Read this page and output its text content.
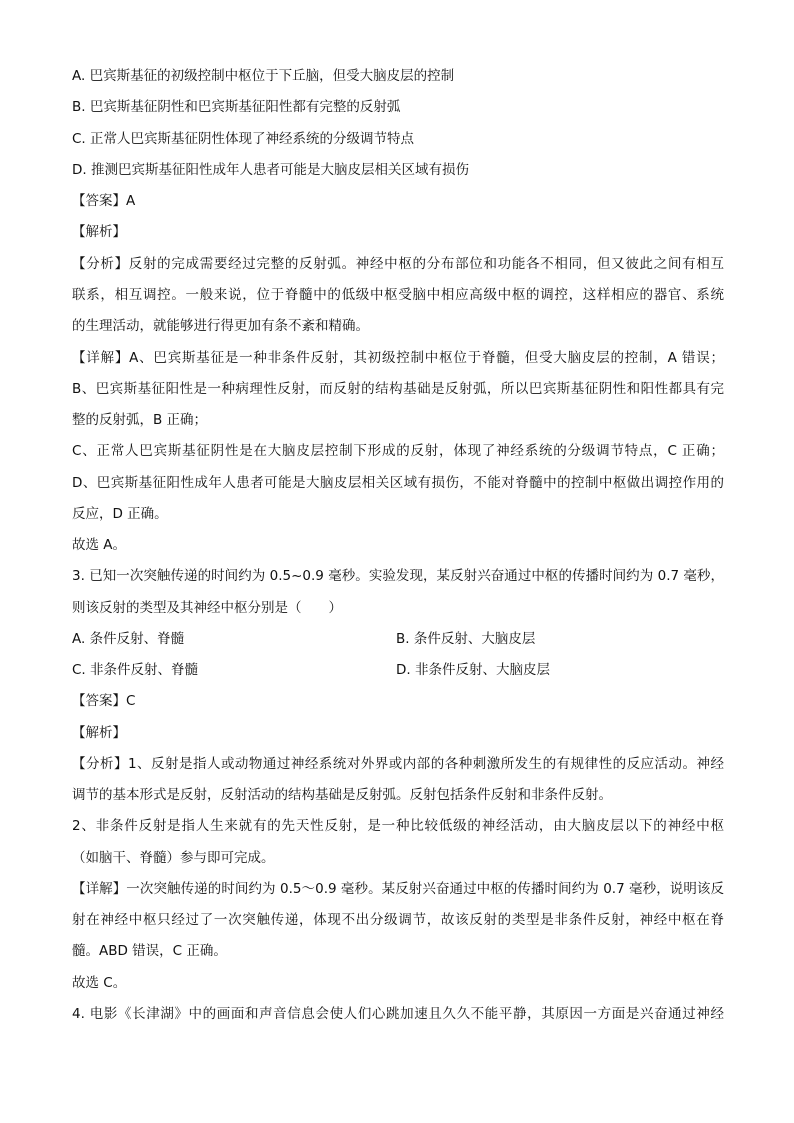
A. 巴宾斯基征的初级控制中枢位于下丘脑，但受大脑皮层的控制
B. 巴宾斯基征阴性和巴宾斯基征阳性都有完整的反射弧
C. 正常人巴宾斯基征阴性体现了神经系统的分级调节特点
D. 推测巴宾斯基征阳性成年人患者可能是大脑皮层相关区域有损伤
【答案】A
【解析】
【分析】反射的完成需要经过完整的反射弧。神经中枢的分布部位和功能各不相同，但又彼此之间有相互
联系，相互调控。一般来说，位于脊髓中的低级中枢受脑中相应高级中枢的调控，这样相应的器官、系统
的生理活动，就能够进行得更加有条不紊和精确。
【详解】A、巴宾斯基征是一种非条件反射，其初级控制中枢位于脊髓，但受大脑皮层的控制，A 错误；
B、巴宾斯基征阳性是一种病理性反射，而反射的结构基础是反射弧，所以巴宾斯基征阴性和阳性都具有完
整的反射弧，B 正确；
C、正常人巴宾斯基征阴性是在大脑皮层控制下形成的反射，体现了神经系统的分级调节特点，C 正确；
D、巴宾斯基征阳性成年人患者可能是大脑皮层相关区域有损伤，不能对脊髓中的控制中枢做出调控作用的
反应，D 正确。
故选 A。
3. 已知一次突触传递的时间约为 0.5~0.9 毫秒。实验发现，某反射兴奋通过中枢的传播时间约为 0.7 毫秒，
则该反射的类型及其神经中枢分别是（　　）
A. 条件反射、脊髓	B. 条件反射、大脑皮层
C. 非条件反射、脊髓	D. 非条件反射、大脑皮层
【答案】C
【解析】
【分析】1、反射是指人或动物通过神经系统对外界或内部的各种刺激所发生的有规律性的反应活动。神经
调节的基本形式是反射，反射活动的结构基础是反射弧。反射包括条件反射和非条件反射。
2、非条件反射是指人生来就有的先天性反射，是一种比较低级的神经活动，由大脑皮层以下的神经中枢
（如脑干、脊髓）参与即可完成。
【详解】一次突触传递的时间约为 0.5～0.9 毫秒。某反射兴奋通过中枢的传播时间约为 0.7 毫秒，说明该反
射在神经中枢只经过了一次突触传递，体现不出分级调节，故该反射的类型是非条件反射，神经中枢在脊
髓。ABD 错误，C 正确。
故选 C。
4. 电影《长津湖》中的画面和声音信息会使人们心跳加速且久久不能平静，其原因一方面是兴奋通过神经
